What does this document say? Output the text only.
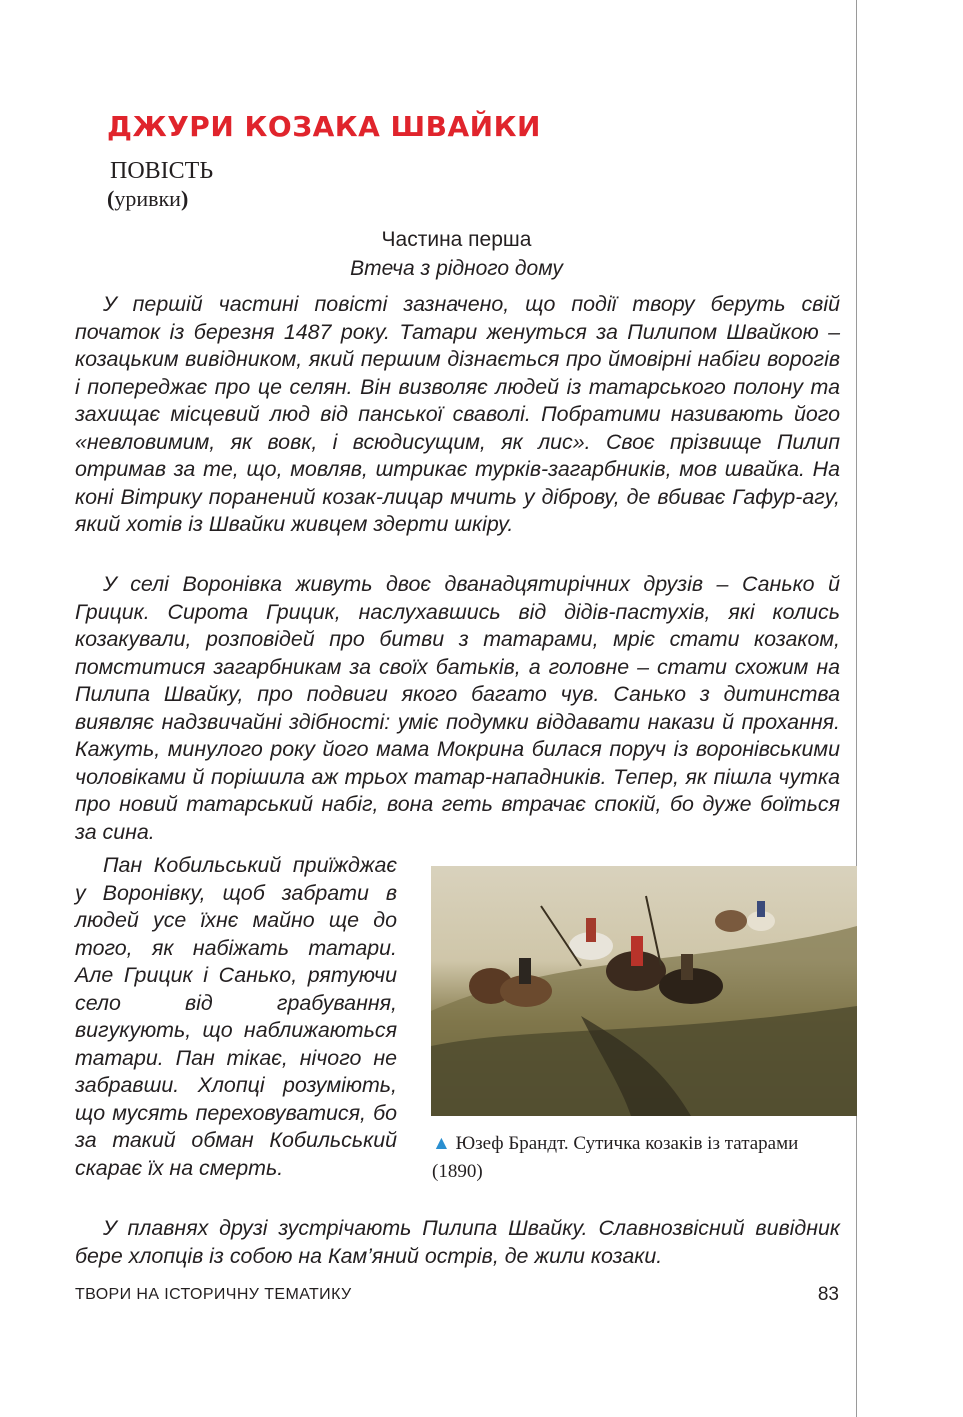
ДЖУРИ КОЗАКА ШВАЙКИ
ПОВІСТЬ
(уривки)
Частина перша
Втеча з рідного дому

У першій частині повісті зазначено, що події твору беруть свій початок із березня 1487 року. Татари женуться за Пилипом Швайкою – козацьким вивідником, який першим дізнається про ймовірні набіги ворогів і попереджає про це селян. Він визволяє людей із татарського полону та захищає місцевий люд від панської сваволі. Побратими називають його «невловимим, як вовк, і всюдисущим, як лис». Своє прізвище Пилип отримав за те, що, мовляв, штрикає турків-загарбників, мов швайка. На коні Вітрику поранений козак-лицар мчить у діброву, де вбиває Гафур-агу, який хотів із Швайки живцем здерти шкіру.

У селі Воронівка живуть двоє дванадцятирічних друзів – Санько й Грицик. Сирота Грицик, наслухавшись від дідів-пастухів, які колись козакували, розповідей про битви з татарами, мріє стати козаком, помститися загарбникам за своїх батьків, а головне – стати схожим на Пилипа Швайку, про подвиги якого багато чув. Санько з дитинства виявляє надзвичайні здібності: уміє подумки віддавати накази й прохання. Кажуть, минулого року його мама Мокрина билася поруч із воронівськими чоловіками й порішила аж трьох татар-нападників. Тепер, як пішла чутка про новий татарський набіг, вона геть втрачає спокій, бо дуже боїться за сина.

Пан Кобильський приїжджає у Воронівку, щоб забрати в людей усе їхнє майно ще до того, як набіжать татари. Але Грицик і Санько, рятуючи село від грабування, вигукують, що наближаються татари. Пан тікає, нічого не забравши. Хлопці розуміють, що мусять переховуватися, бо за такий обман Кобильський скарає їх на смерть.

▲ Юзеф Брандт. Сутичка козаків із татарами (1890)

У плавнях друзі зустрічають Пилипа Швайку. Славнозвісний вивідник бере хлопців із собою на Кам’яний острів, де жили козаки.

ТВОРИ НА ІСТОРИЧНУ ТЕМАТИКУ	83
